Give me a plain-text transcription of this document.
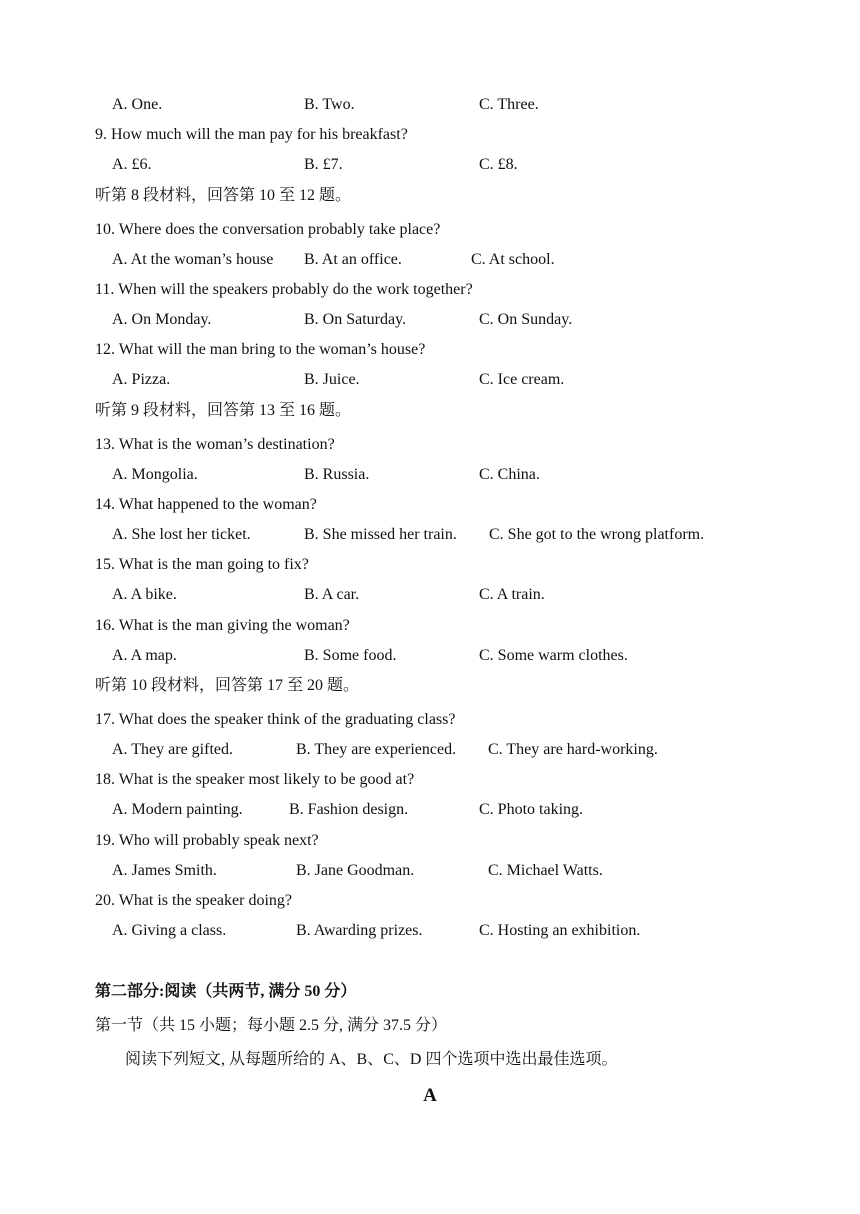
A. One.	B. Two.	C. Three.
9. How much will the man pay for his breakfast?
A. £6.	B. £7.	C. £8.
听第 8 段材料，回答第 10 至 12 题。
10. Where does the conversation probably take place?
A. At the woman’s house B. At an office.	C. At school.
11. When will the speakers probably do the work together?
A. On Monday.	B. On Saturday.	C. On Sunday.
12. What will the man bring to the woman’s house?
A. Pizza.	B. Juice.	C. Ice cream.
听第 9 段材料，回答第 13 至 16 题。
13. What is the woman’s destination?
A. Mongolia.	B. Russia.	C. China.
14. What happened to the woman?
A. She lost her ticket.	B. She missed her train. C. She got to the wrong platform.
15. What is the man going to fix?
A. A bike.	B. A car.	C. A train.
16. What is the man giving the woman?
A. A map.	B. Some food.	C. Some warm clothes.
听第 10 段材料，回答第 17 至 20 题。
17. What does the speaker think of the graduating class?
A. They are gifted.	B. They are experienced. C. They are hard-working.
18. What is the speaker most likely to be good at?
A. Modern painting.	B. Fashion design.	C. Photo taking.
19. Who will probably speak next?
A. James Smith.	B. Jane Goodman.	C. Michael Watts.
20. What is the speaker doing?
A. Giving a class.	B. Awarding prizes.	C. Hosting an exhibition.
第二部分:阅读（共两节, 满分 50 分）
第一节（共 15 小题；每小题 2.5 分, 满分 37.5 分）
阅读下列短文, 从每题所给的 A、B、C、D 四个选项中选出最佳选项。
A
